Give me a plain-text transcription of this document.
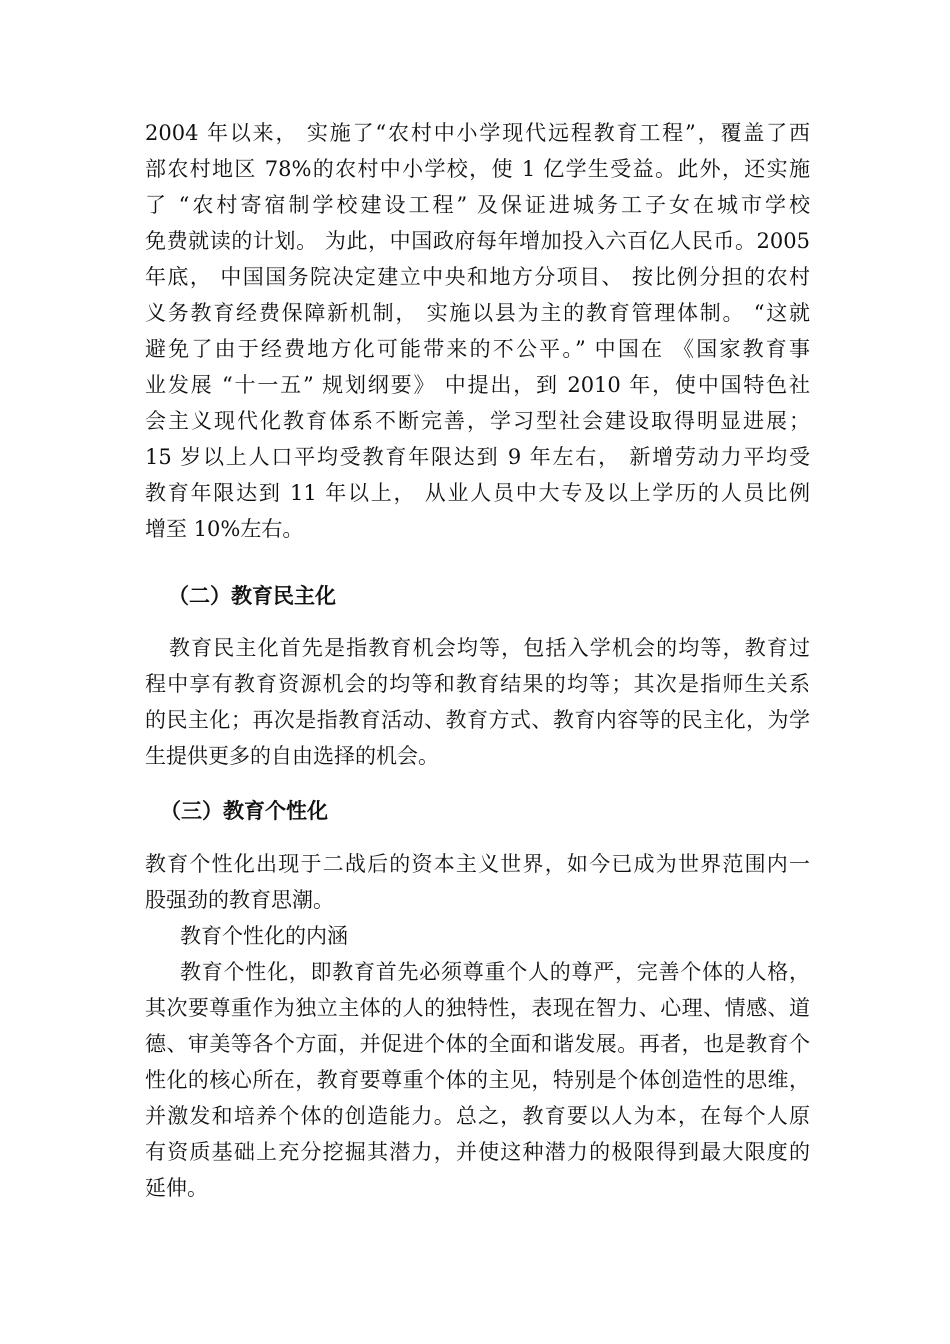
2004 年以来， 实施了“农村中小学现代远程教育工程”，覆盖了西
部农村地区 78%的农村中小学校，使 1 亿学生受益。此外，还实施
了 “农村寄宿制学校建设工程” 及保证进城务工子女在城市学校
免费就读的计划。 为此，中国政府每年增加投入六百亿人民币。2005
年底， 中国国务院决定建立中央和地方分项目、 按比例分担的农村
义务教育经费保障新机制， 实施以县为主的教育管理体制。 “这就
避免了由于经费地方化可能带来的不公平。” 中国在 《国家教育事
业发展 “十一五” 规划纲要》 中提出，到 2010 年，使中国特色社
会主义现代化教育体系不断完善，学习型社会建设取得明显进展；
15 岁以上人口平均受教育年限达到 9 年左右， 新增劳动力平均受
教育年限达到 11 年以上， 从业人员中大专及以上学历的人员比例
增至 10%左右。
（二）教育民主化
教育民主化首先是指教育机会均等，包括入学机会的均等，教育过
程中享有教育资源机会的均等和教育结果的均等；其次是指师生关系
的民主化；再次是指教育活动、教育方式、教育内容等的民主化，为学
生提供更多的自由选择的机会。
（三）教育个性化
教育个性化出现于二战后的资本主义世界，如今已成为世界范围内一
股强劲的教育思潮。
教育个性化的内涵
教育个性化，即教育首先必须尊重个人的尊严，完善个体的人格，
其次要尊重作为独立主体的人的独特性，表现在智力、心理、情感、道
德、审美等各个方面，并促进个体的全面和谐发展。再者，也是教育个
性化的核心所在，教育要尊重个体的主见，特别是个体创造性的思维，
并激发和培养个体的创造能力。总之，教育要以人为本，在每个人原
有资质基础上充分挖掘其潜力，并使这种潜力的极限得到最大限度的
延伸。
